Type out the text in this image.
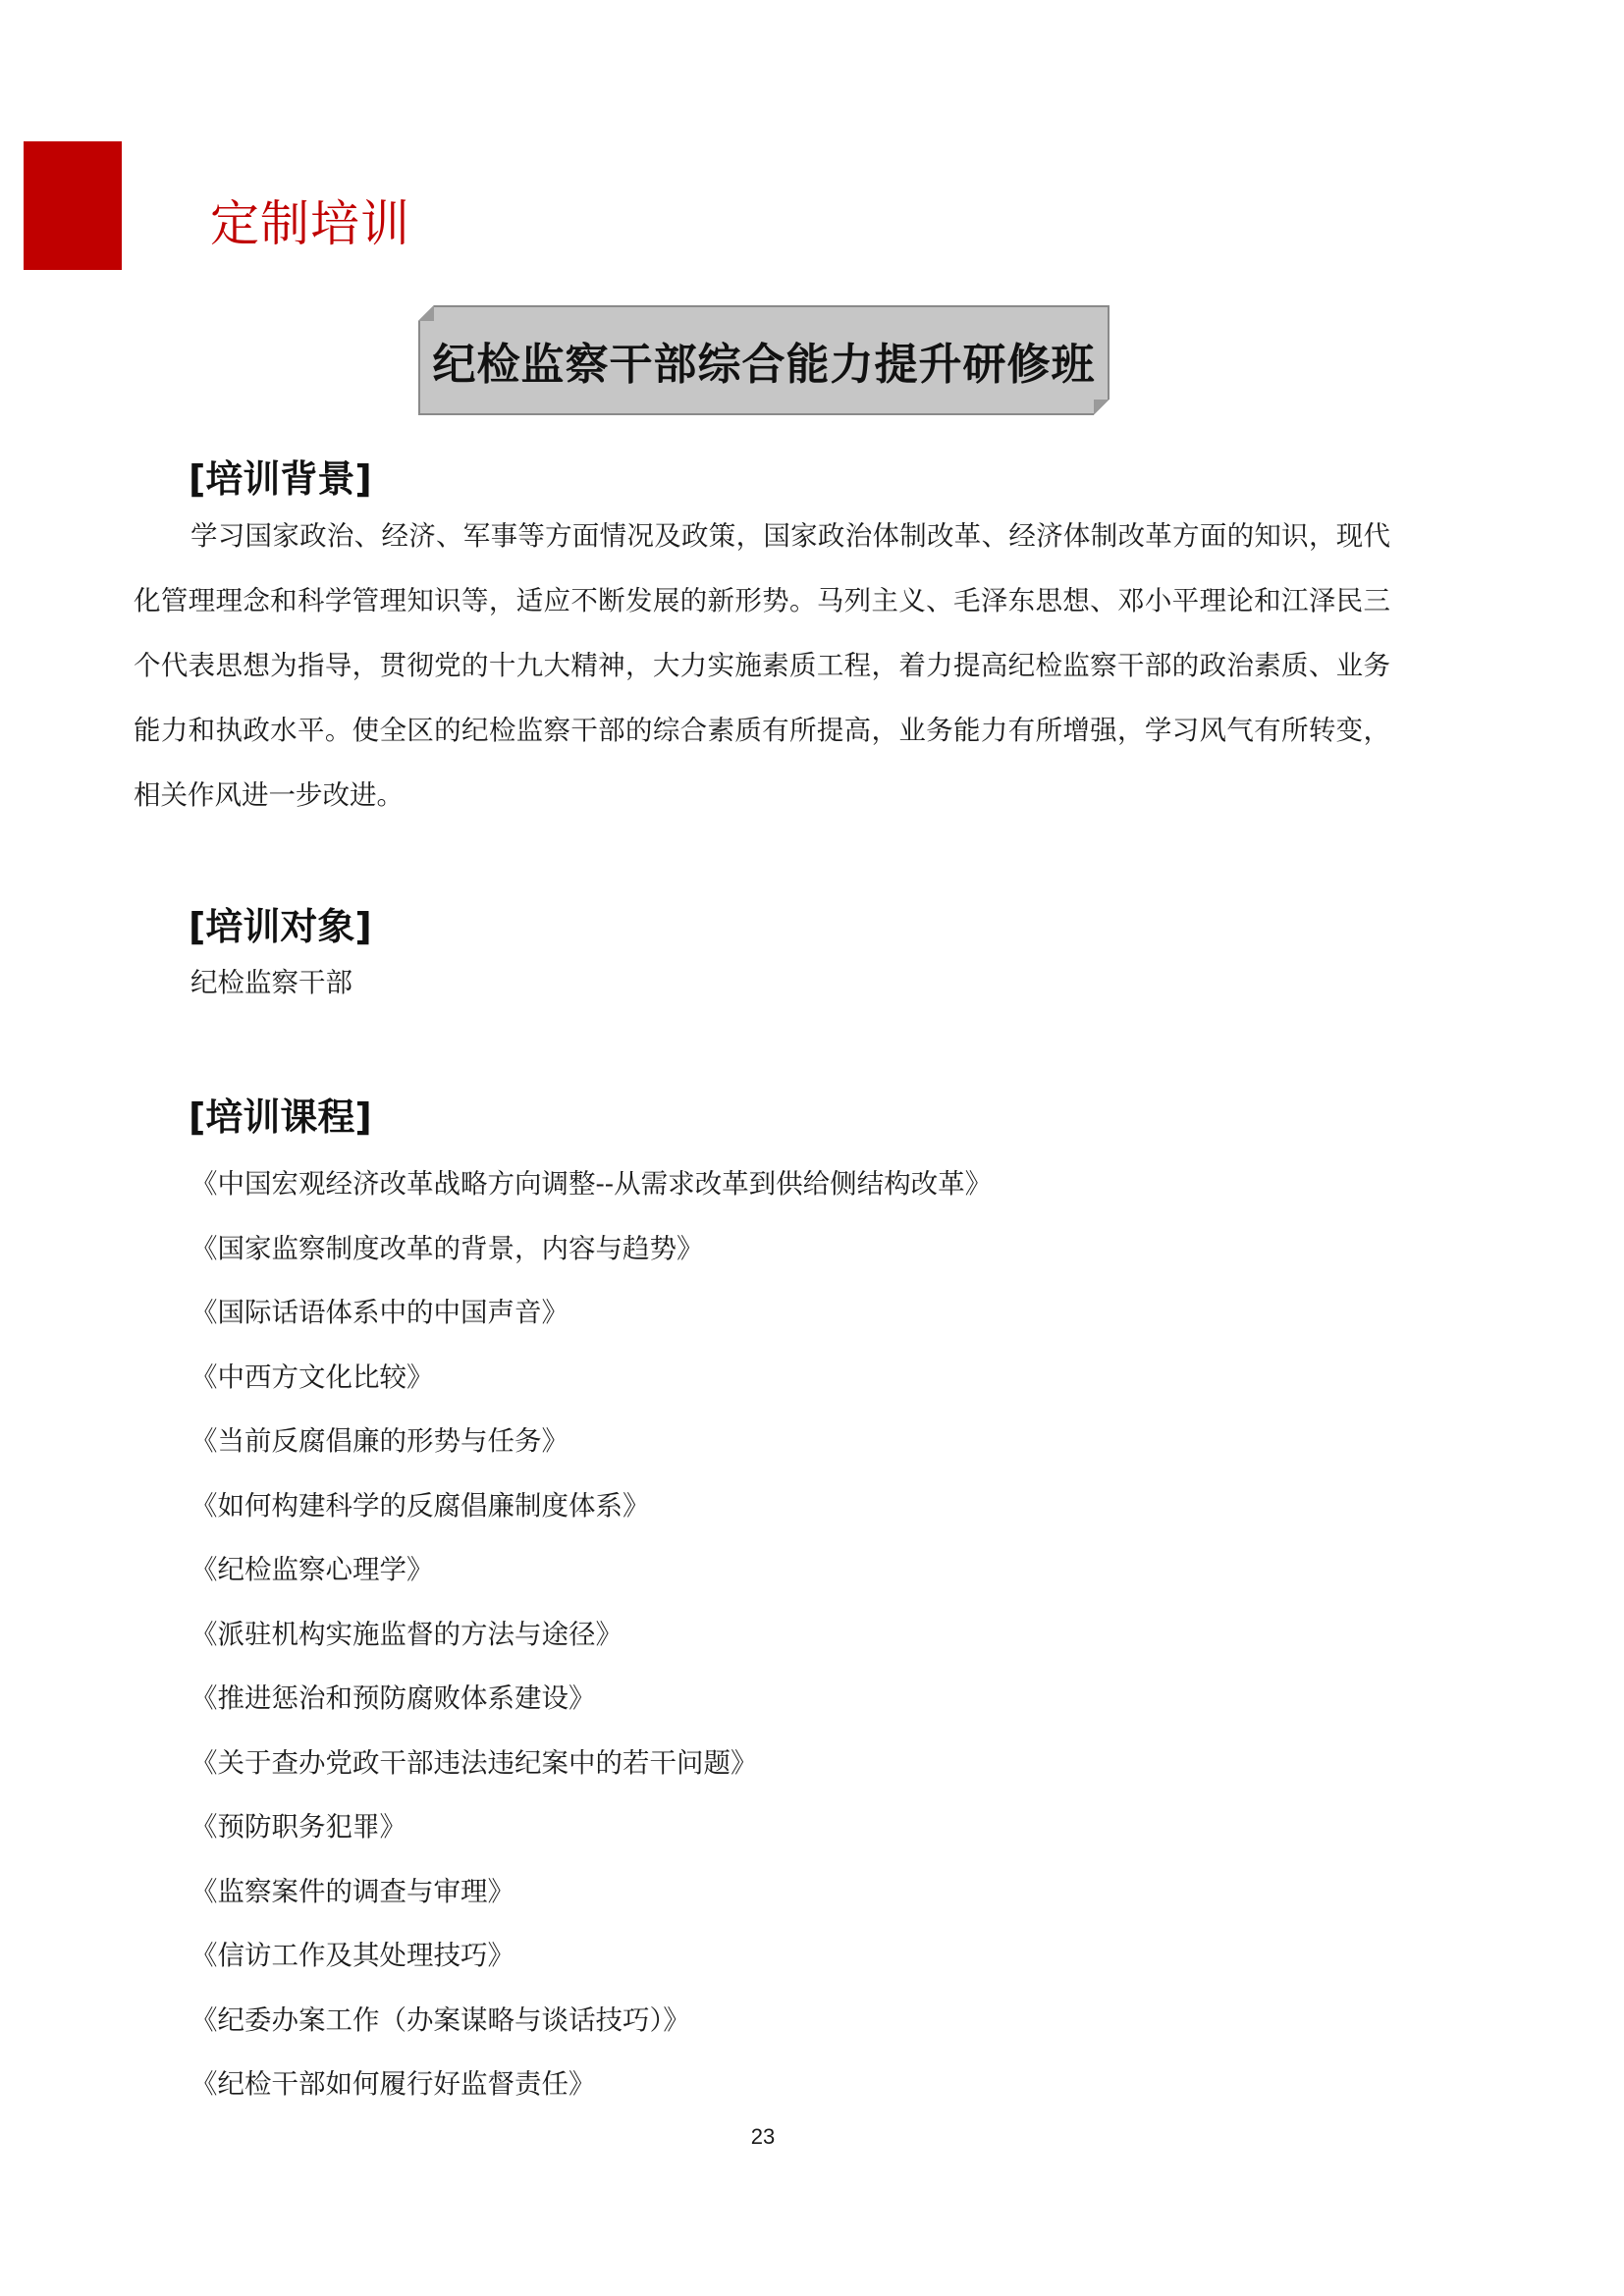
定制培训
纪检监察干部综合能力提升研修班
[培训背景]

学习国家政治、经济、军事等方面情况及政策，国家政治体制改革、经济体制改革方面的知识，现代化管理理念和科学管理知识等，适应不断发展的新形势。马列主义、毛泽东思想、邓小平理论和江泽民三个代表思想为指导，贯彻党的十九大精神，大力实施素质工程，着力提高纪检监察干部的政治素质、业务能力和执政水平。使全区的纪检监察干部的综合素质有所提高，业务能力有所增强，学习风气有所转变，相关作风进一步改进。

[培训对象]

纪检监察干部

[培训课程]
《中国宏观经济改革战略方向调整--从需求改革到供给侧结构改革》
《国家监察制度改革的背景，内容与趋势》
《国际话语体系中的中国声音》
《中西方文化比较》
《当前反腐倡廉的形势与任务》
《如何构建科学的反腐倡廉制度体系》
《纪检监察心理学》
《派驻机构实施监督的方法与途径》
《推进惩治和预防腐败体系建设》
《关于查办党政干部违法违纪案中的若干问题》
《预防职务犯罪》
《监察案件的调查与审理》
《信访工作及其处理技巧》
《纪委办案工作（办案谋略与谈话技巧）》
《纪检干部如何履行好监督责任》
23
